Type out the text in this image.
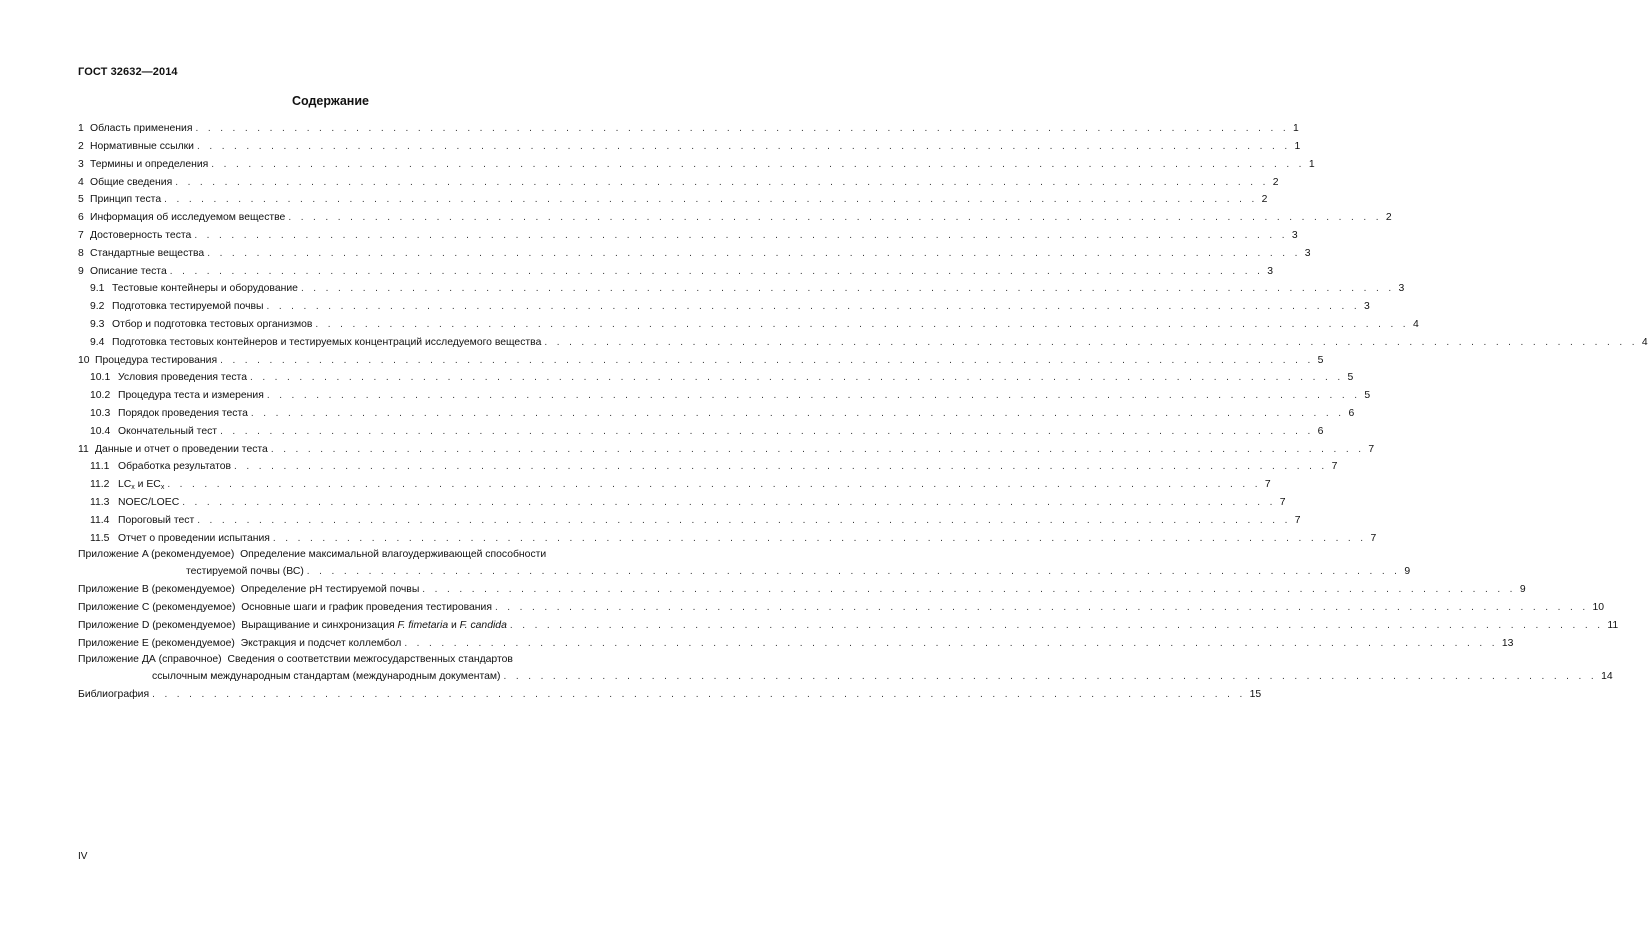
ГОСТ 32632—2014
Содержание
1 Область применения . . . . . . . . . . . . . . . . . . . . . . . . . . . . . . . . . . . . . . . . . . . . . . . . . . . . . . . . . . . . . . . . . . . . . . . . . . . . . . . . . . . . . . . . . 1
2 Нормативные ссылки . . . . . . . . . . . . . . . . . . . . . . . . . . . . . . . . . . . . . . . . . . . . . . . . . . . . . . . . . . . . . . . . . . . . . . . . . . . . . . . . . . . . . . . . . 1
3 Термины и определения . . . . . . . . . . . . . . . . . . . . . . . . . . . . . . . . . . . . . . . . . . . . . . . . . . . . . . . . . . . . . . . . . . . . . . . . . . . . . . . . . . . . . . . . . 1
4 Общие сведения . . . . . . . . . . . . . . . . . . . . . . . . . . . . . . . . . . . . . . . . . . . . . . . . . . . . . . . . . . . . . . . . . . . . . . . . . . . . . . . . . . . . . . . . . 2
5 Принцип теста . . . . . . . . . . . . . . . . . . . . . . . . . . . . . . . . . . . . . . . . . . . . . . . . . . . . . . . . . . . . . . . . . . . . . . . . . . . . . . . . . . . . . . . . . 2
6 Информация об исследуемом веществе . . . . . . . . . . . . . . . . . . . . . . . . . . . . . . . . . . . . . . . . . . . . . . . . . . . . . . . . . . . . . . . . . . . . . . . . . . . . . . . . . . . . . . . . . 2
7 Достоверность теста . . . . . . . . . . . . . . . . . . . . . . . . . . . . . . . . . . . . . . . . . . . . . . . . . . . . . . . . . . . . . . . . . . . . . . . . . . . . . . . . . . . . . . . . . 3
8 Стандартные вещества . . . . . . . . . . . . . . . . . . . . . . . . . . . . . . . . . . . . . . . . . . . . . . . . . . . . . . . . . . . . . . . . . . . . . . . . . . . . . . . . . . . . . . . . . 3
9 Описание теста . . . . . . . . . . . . . . . . . . . . . . . . . . . . . . . . . . . . . . . . . . . . . . . . . . . . . . . . . . . . . . . . . . . . . . . . . . . . . . . . . . . . . . . . . 3
9.1 Тестовые контейнеры и оборудование . . . . . . . . . . . . . . . . . . . . . . . . . . . . . . . . . . . . . . . . . . . . . . . . . . . . . . . . . . . . . . . . . . . . . . . . . . . . . . . . . . . . . . . . . 3
9.2 Подготовка тестируемой почвы . . . . . . . . . . . . . . . . . . . . . . . . . . . . . . . . . . . . . . . . . . . . . . . . . . . . . . . . . . . . . . . . . . . . . . . . . . . . . . . . . . . . . . . . . 3
9.3 Отбор и подготовка тестовых организмов . . . . . . . . . . . . . . . . . . . . . . . . . . . . . . . . . . . . . . . . . . . . . . . . . . . . . . . . . . . . . . . . . . . . . . . . . . . . . . . . . . . . . . . . . 4
9.4 Подготовка тестовых контейнеров и тестируемых концентраций исследуемого вещества . . . . . . . . . . . . . . . . . . . . . . . . . . . . . . . . . . . . . . . . . . . . . . . . . . . . . . . . . . . . . . . . . . . . . . . . . . . . . . . . . . . . . . . . . 4
10 Процедура тестирования . . . . . . . . . . . . . . . . . . . . . . . . . . . . . . . . . . . . . . . . . . . . . . . . . . . . . . . . . . . . . . . . . . . . . . . . . . . . . . . . . . . . . . . . . 5
10.1 Условия проведения теста . . . . . . . . . . . . . . . . . . . . . . . . . . . . . . . . . . . . . . . . . . . . . . . . . . . . . . . . . . . . . . . . . . . . . . . . . . . . . . . . . . . . . . . . . 5
10.2 Процедура теста и измерения . . . . . . . . . . . . . . . . . . . . . . . . . . . . . . . . . . . . . . . . . . . . . . . . . . . . . . . . . . . . . . . . . . . . . . . . . . . . . . . . . . . . . . . . . 5
10.3 Порядок проведения теста . . . . . . . . . . . . . . . . . . . . . . . . . . . . . . . . . . . . . . . . . . . . . . . . . . . . . . . . . . . . . . . . . . . . . . . . . . . . . . . . . . . . . . . . . 6
10.4 Окончательный тест . . . . . . . . . . . . . . . . . . . . . . . . . . . . . . . . . . . . . . . . . . . . . . . . . . . . . . . . . . . . . . . . . . . . . . . . . . . . . . . . . . . . . . . . . 6
11 Данные и отчет о проведении теста . . . . . . . . . . . . . . . . . . . . . . . . . . . . . . . . . . . . . . . . . . . . . . . . . . . . . . . . . . . . . . . . . . . . . . . . . . . . . . . . . . . . . . . . . 7
11.1 Обработка результатов . . . . . . . . . . . . . . . . . . . . . . . . . . . . . . . . . . . . . . . . . . . . . . . . . . . . . . . . . . . . . . . . . . . . . . . . . . . . . . . . . . . . . . . . . 7
11.2 $LC_x$ и $EC_x$ . . . . . . . . . . . . . . . . . . . . . . . . . . . . . . . . . . . . . . . . . . . . . . . . . . . . . . . . . . . . . . . . . . . . . . . . . . . . . . . . . . . . . . . . . 7
11.3 NOEC/LOEC . . . . . . . . . . . . . . . . . . . . . . . . . . . . . . . . . . . . . . . . . . . . . . . . . . . . . . . . . . . . . . . . . . . . . . . . . . . . . . . . . . . . . . . . . 7
11.4 Пороговый тест . . . . . . . . . . . . . . . . . . . . . . . . . . . . . . . . . . . . . . . . . . . . . . . . . . . . . . . . . . . . . . . . . . . . . . . . . . . . . . . . . . . . . . . . . 7
11.5 Отчет о проведении испытания . . . . . . . . . . . . . . . . . . . . . . . . . . . . . . . . . . . . . . . . . . . . . . . . . . . . . . . . . . . . . . . . . . . . . . . . . . . . . . . . . . . . . . . . . 7
Приложение A (рекомендуемое) Определение максимальной влагоудерживающей способности
тестируемой почвы (ВС) . . . . . . . . . . . . . . . . . . . . . . . . . . . . . . . . . . . . . . . . . . . . . . . . . . . . . . . . . . . . . . . . . . . . . . . . . . . . . . . . . . . . . . . . . 9
Приложение B (рекомендуемое) Определение pH тестируемой почвы . . . . . . . . . . . . . . . . . . . . . . . . . . . . . . . . . . . . . . . . . . . . . . . . . . . . . . . . . . . . . . . . . . . . . . . . . . . . . . . . . . . . . . . . . 9
Приложение C (рекомендуемое) Основные шаги и график проведения тестирования . . . . . . . . . . . . . . . . . . . . . . . . . . . . . . . . . . . . . . . . . . . . . . . . . . . . . . . . . . . . . . . . . . . . . . . . . . . . . . . . . . . . . . . . . 10
Приложение D (рекомендуемое) Выращивание и синхронизация F. fimetaria и F. candida . . . . . . . . . . . . . . . . . . . . . . . . . . . . . . . . . . . . . . . . . . . . . . . . . . . . . . . . . . . . . . . . . . . . . . . . . . . . . . . . . . . . . . . . . 11
Приложение E (рекомендуемое) Экстракция и подсчет коллембол . . . . . . . . . . . . . . . . . . . . . . . . . . . . . . . . . . . . . . . . . . . . . . . . . . . . . . . . . . . . . . . . . . . . . . . . . . . . . . . . . . . . . . . . . 13
Приложение ДА (справочное) Сведения о соответствии межгосударственных стандартов
ссылочным международным стандартам (международным документам) . . . . . . . . . . . . . . . . . . . . . . . . . . . . . . . . . . . . . . . . . . . . . . . . . . . . . . . . . . . . . . . . . . . . . . . . . . . . . . . . . . . . . . . . . 14
Библиография . . . . . . . . . . . . . . . . . . . . . . . . . . . . . . . . . . . . . . . . . . . . . . . . . . . . . . . . . . . . . . . . . . . . . . . . . . . . . . . . . . . . . . . . . 15
IV
